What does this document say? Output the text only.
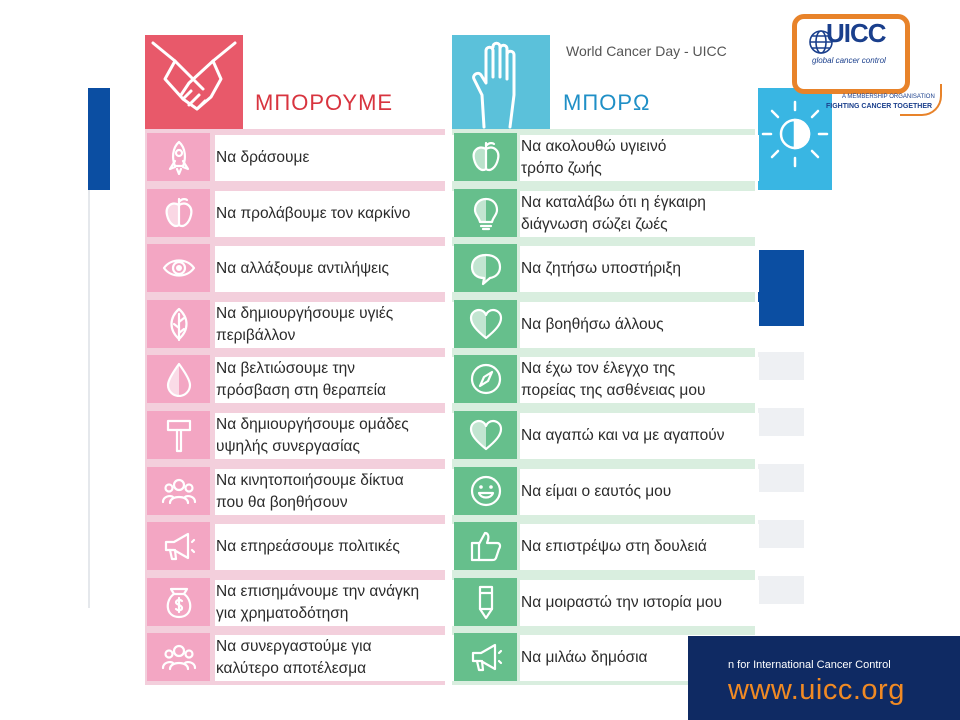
ΜΠΟΡΟΥΜΕ	ΜΠΟΡΩ
World Cancer Day - UICC
Να δράσουμε
Να προλάβουμε τον καρκίνο
Να αλλάξουμε αντιλήψεις
Να δημιουργήσουμε υγιές
περιβάλλον
Να βελτιώσουμε την
πρόσβαση στη θεραπεία
Να δημιουργήσουμε ομάδες
υψηλής συνεργασίας
Να κινητοποιήσουμε δίκτυα
που θα βοηθήσουν
Να επηρεάσουμε πολιτικές
Να επισημάνουμε την ανάγκη
για χρηματοδότηση
Να συνεργαστούμε για
καλύτερο αποτέλεσμα
Να ακολουθώ υγιεινό
τρόπο ζωής
Να καταλάβω ότι η έγκαιρη
διάγνωση σώζει ζωές
Να ζητήσω υποστήριξη
Να βοηθήσω άλλους
Να έχω τον έλεγχο της
πορείας της ασθένειας μου
Να αγαπώ και να με αγαπούν
Να είμαι ο εαυτός μου
Να επιστρέψω στη δουλειά
Να μοιραστώ την ιστορία μου
Να μιλάω δημόσια
UICC
global cancer control
A MEMBERSHIP ORGANISATION
FIGHTING CANCER TOGETHER
n for International Cancer Control
www.uicc.org
